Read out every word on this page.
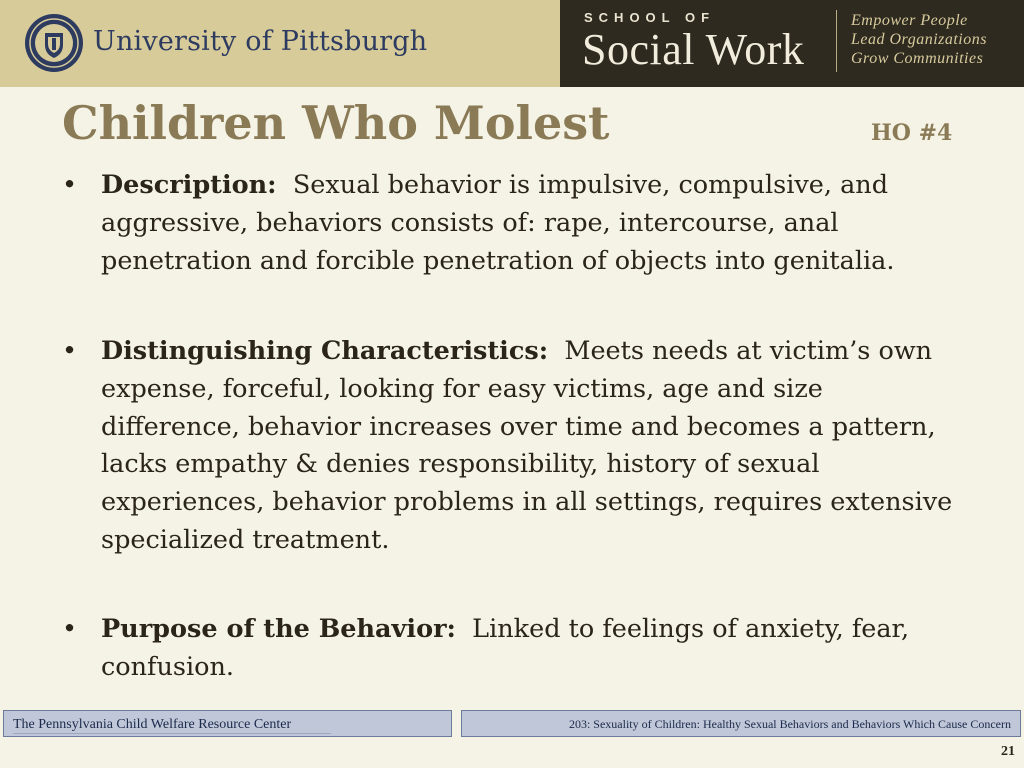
University of Pittsburgh
SCHOOL OF
Social Work
Empower People
Lead Organizations
Grow Communities
Children Who Molest	HO #4
• Description: Sexual behavior is impulsive, compulsive, and aggressive, behaviors consists of: rape, intercourse, anal penetration and forcible penetration of objects into genitalia.
• Distinguishing Characteristics: Meets needs at victim’s own expense, forceful, looking for easy victims, age and size difference, behavior increases over time and becomes a pattern, lacks empathy & denies responsibility, history of sexual experiences, behavior problems in all settings, requires extensive specialized treatment.
• Purpose of the Behavior: Linked to feelings of anxiety, fear, confusion.
The Pennsylvania Child Welfare Resource Center	203: Sexuality of Children: Healthy Sexual Behaviors and Behaviors Which Cause Concern
21
